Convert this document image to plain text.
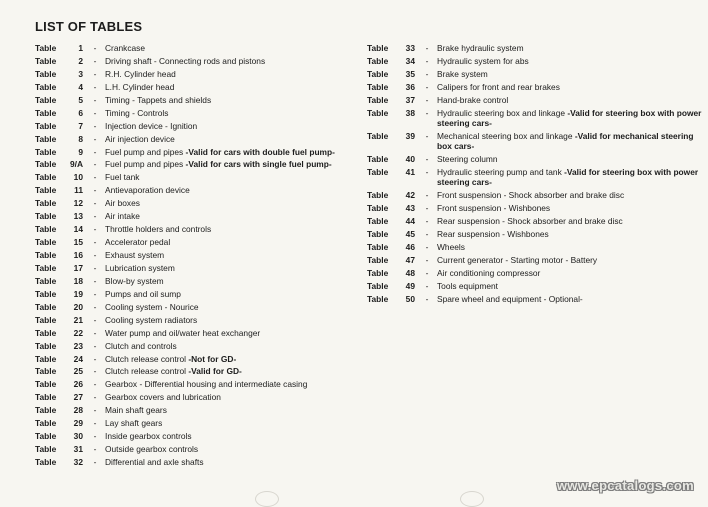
LIST OF TABLES
Table	1	-	Crankcase
Table	2	-	Driving shaft - Connecting rods and pistons
Table	3	-	R.H. Cylinder head
Table	4	-	L.H. Cylinder head
Table	5	-	Timing - Tappets and shields
Table	6	-	Timing - Controls
Table	7	-	Injection device - Ignition
Table	8	-	Air injection device
Table	9	-	Fuel pump and pipes -Valid for cars with double fuel pump-
Table	9/A	-	Fuel pump and pipes -Valid for cars with single fuel pump-
Table	10	-	Fuel tank
Table	11	-	Antievaporation device
Table	12	-	Air boxes
Table	13	-	Air intake
Table	14	-	Throttle holders and controls
Table	15	-	Accelerator pedal
Table	16	-	Exhaust system
Table	17	-	Lubrication system
Table	18	-	Blow-by system
Table	19	-	Pumps and oil sump
Table	20	-	Cooling system - Nourice
Table	21	-	Cooling system radiators
Table	22	-	Water pump and oil/water heat exchanger
Table	23	-	Clutch and controls
Table	24	-	Clutch release control -Not for GD-
Table	25	-	Clutch release control -Valid for GD-
Table	26	-	Gearbox - Differential housing and intermediate casing
Table	27	-	Gearbox covers and lubrication
Table	28	-	Main shaft gears
Table	29	-	Lay shaft gears
Table	30	-	Inside gearbox controls
Table	31	-	Outside gearbox controls
Table	32	-	Differential and axle shafts
Table	33	-	Brake hydraulic system
Table	34	-	Hydraulic system for abs
Table	35	-	Brake system
Table	36	-	Calipers for front and rear brakes
Table	37	-	Hand-brake control
Table	38	-	Hydraulic steering box and linkage -Valid for steering box with power steering cars-
Table	39	-	Mechanical steering box and linkage -Valid for mechanical steering box cars-
Table	40	-	Steering column
Table	41	-	Hydraulic steering pump and tank -Valid for steering box with power steering cars-
Table	42	-	Front suspension - Shock absorber and brake disc
Table	43	-	Front suspension - Wishbones
Table	44	-	Rear suspension - Shock absorber and brake disc
Table	45	-	Rear suspension - Wishbones
Table	46	-	Wheels
Table	47	-	Current generator - Starting motor - Battery
Table	48	-	Air conditioning compressor
Table	49	-	Tools equipment
Table	50	-	Spare wheel and equipment - Optional-
www.epcatalogs.com
